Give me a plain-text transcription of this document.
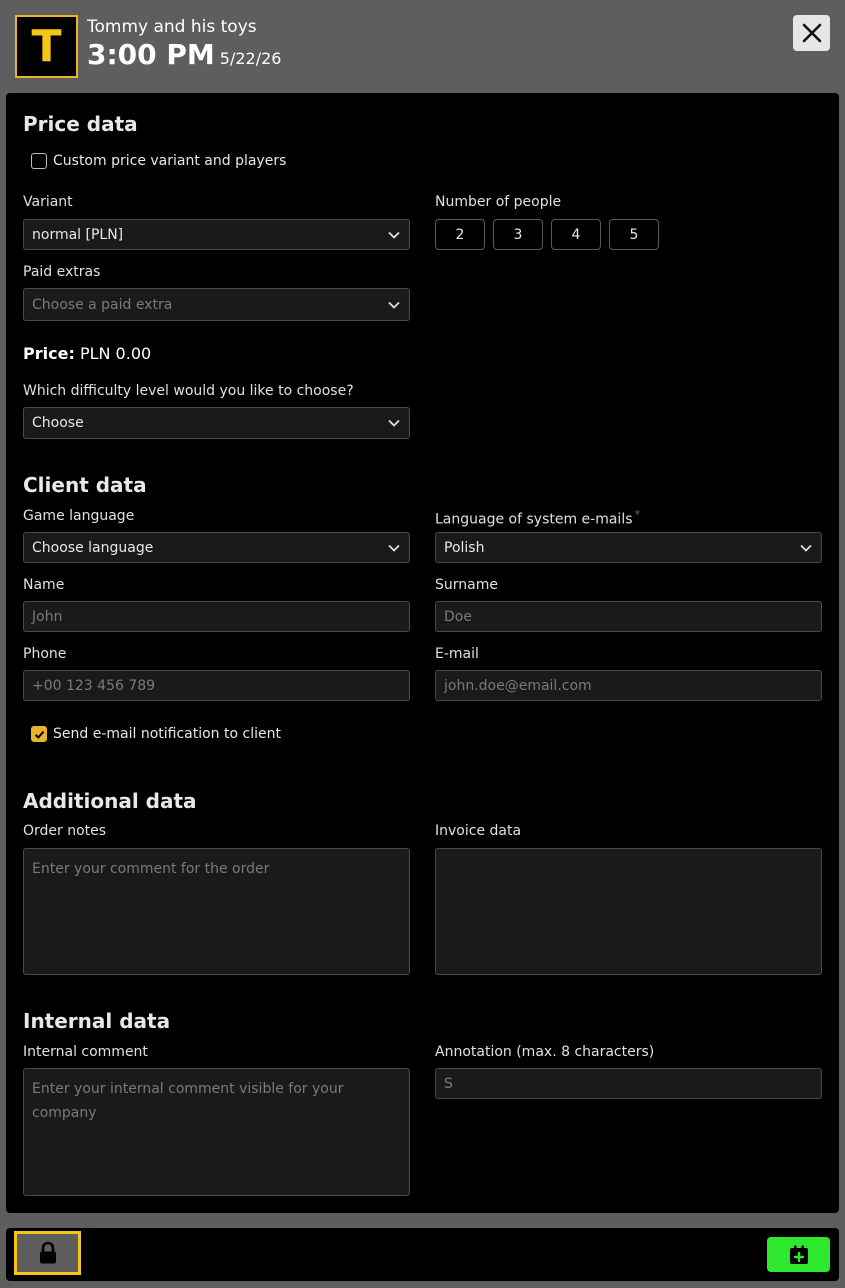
T Tommy and his toys
3:00 PM 5/22/26
Price data
Custom price variant and players
Variant
normal [PLN]
Number of people
2	3	4	5
Paid extras
Choose a paid extra
Price: PLN 0.00
Which difficulty level would you like to choose?
Choose
Client data
Game language
Choose language
Language of system e-mails *
Polish
Name
John
Surname
Doe
Phone
+00 123 456 789
E-mail
john.doe@email.com
Send e-mail notification to client
Additional data
Order notes
Enter your comment for the order
Invoice data
Internal data
Internal comment
Enter your internal comment visible for your company
Annotation (max. 8 characters)
S
